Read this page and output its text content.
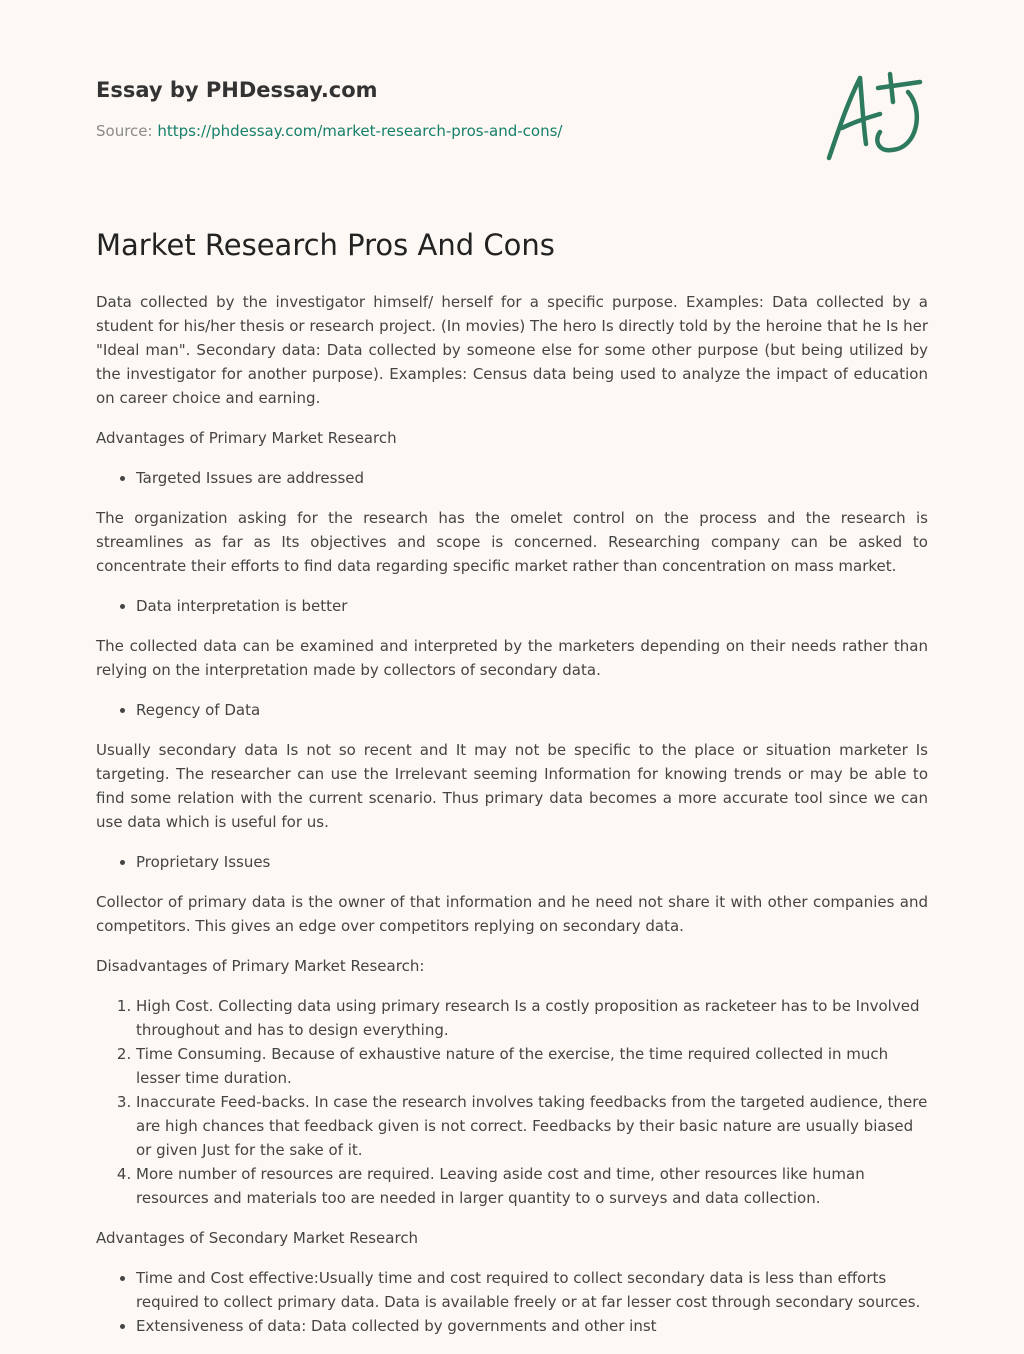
Essay by PHDessay.com
Source: https://phdessay.com/market-research-pros-and-cons/
Market Research Pros And Cons

Data collected by the investigator himself/ herself for a specific purpose. Examples: Data collected by a student for his/her thesis or research project. (In movies) The hero Is directly told by the heroine that he Is her "Ideal man". Secondary data: Data collected by someone else for some other purpose (but being utilized by the investigator for another purpose). Examples: Census data being used to analyze the impact of education on career choice and earning.

Advantages of Primary Market Research

• Targeted Issues are addressed

The organization asking for the research has the omelet control on the process and the research is streamlines as far as Its objectives and scope is concerned. Researching company can be asked to concentrate their efforts to find data regarding specific market rather than concentration on mass market.

• Data interpretation is better

The collected data can be examined and interpreted by the marketers depending on their needs rather than relying on the interpretation made by collectors of secondary data.

• Regency of Data

Usually secondary data Is not so recent and It may not be specific to the place or situation marketer Is targeting. The researcher can use the Irrelevant seeming Information for knowing trends or may be able to find some relation with the current scenario. Thus primary data becomes a more accurate tool since we can use data which is useful for us.

• Proprietary Issues

Collector of primary data is the owner of that information and he need not share it with other companies and competitors. This gives an edge over competitors replying on secondary data.

Disadvantages of Primary Market Research:

1. High Cost. Collecting data using primary research Is a costly proposition as racketeer has to be Involved throughout and has to design everything.
2. Time Consuming. Because of exhaustive nature of the exercise, the time required collected in much lesser time duration.
3. Inaccurate Feed-backs. In case the research involves taking feedbacks from the targeted audience, there are high chances that feedback given is not correct. Feedbacks by their basic nature are usually biased or given Just for the sake of it.
4. More number of resources are required. Leaving aside cost and time, other resources like human resources and materials too are needed in larger quantity to o surveys and data collection.

Advantages of Secondary Market Research

• Time and Cost effective:Usually time and cost required to collect secondary data is less than efforts required to collect primary data. Data is available freely or at far lesser cost through secondary sources.
• Extensiveness of data: Data collected by governments and other inst
